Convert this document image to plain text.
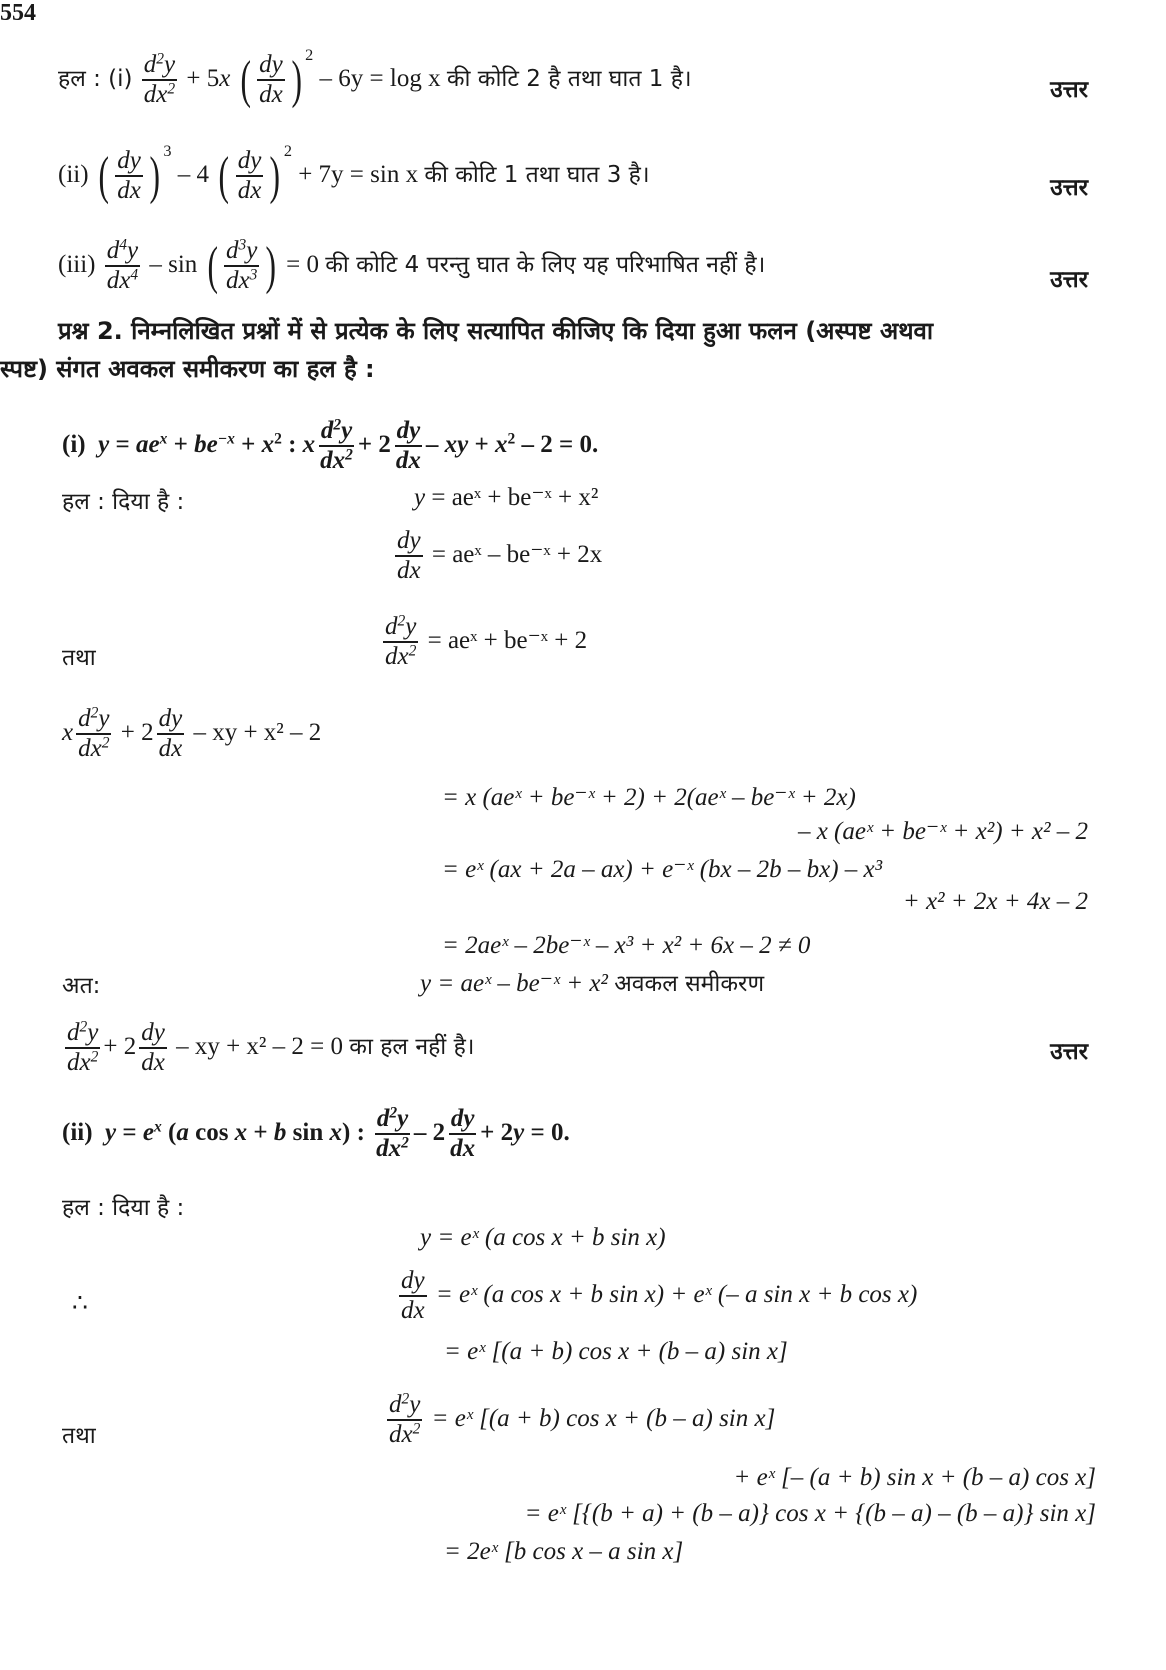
554
हल : $(i) \frac{d^2y}{dx^2} + 5x$ ( $\frac{dy}{dx}$ ) 2 – 6y = log x की कोटि 2 है तथा घात 1 है।	उत्तर
(ii) ( $\frac{dy}{dx}$ ) 3 – 4 ( $\frac{dy}{dx}$ ) 2 + 7y = sin x की कोटि 1 तथा घात 3 है।
उत्तर
$(iii) \frac{d^4y}{dx^4}$ – sin ( $\frac{d^3y}{dx^3}$ ) = 0 की कोटि 4 परन्तु घात के लिए यह परिभाषित नहीं है।
उत्तर
प्रश्न 2. निम्नलिखित प्रश्नों में से प्रत्येक के लिए सत्यापित कीजिए कि दिया हुआ फलन (अस्पष्ट अथवा
स्पष्ट) संगत अवकल समीकरण का हल है :
(i) $y = ae^x + be^{-x} + x^2$ : x $\frac{d^2y}{dx^2} + 2 \frac{dy}{dx}$ – xy + $x^2 - 2 = 0$.
हल : दिया है :	y = aeˣ + be⁻ˣ + x²
$\frac{dy}{dx}$ = aeˣ – be⁻ˣ + 2x
तथा	$\frac{d^2y}{dx^2}$ = aeˣ + be⁻ˣ + 2
x $\frac{d^2y}{dx^2} + 2 \frac{dy}{dx}$ – xy + x² – 2
= x (aeˣ + be⁻ˣ + 2) + 2(aeˣ – be⁻ˣ + 2x)
– x (aeˣ + be⁻ˣ + x²) + x² – 2
= eˣ (ax + 2a – ax) + e⁻ˣ (bx – 2b – bx) – x³
+ x² + 2x + 4x – 2
= 2aeˣ – 2be⁻ˣ – x³ + x² + 6x – 2 ≠ 0
अत:	y = aeˣ – be⁻ˣ + x² अवकल समीकरण
$\frac{d^2y}{dx^2} + 2 \frac{dy}{dx}$ – xy + x² – 2 = 0 का हल नहीं है।	उत्तर
(ii) $y = e^x$ (a cos x + b sin x) : $\frac{d^2y}{dx^2} - 2 \frac{dy}{dx} + 2y = 0$.
हल : दिया है :
y = eˣ (a cos x + b sin x)
∴	$\frac{dy}{dx}$ = eˣ (a cos x + b sin x) + eˣ (– a sin x + b cos x)
= eˣ [(a + b) cos x + (b – a) sin x]
तथा	$\frac{d^2y}{dx^2}$ = eˣ [(a + b) cos x + (b – a) sin x]
+ eˣ [– (a + b) sin x + (b – a) cos x]
= eˣ [{(b + a) + (b – a)} cos x + {(b – a) – (b – a)} sin x]
= 2eˣ [b cos x – a sin x]
